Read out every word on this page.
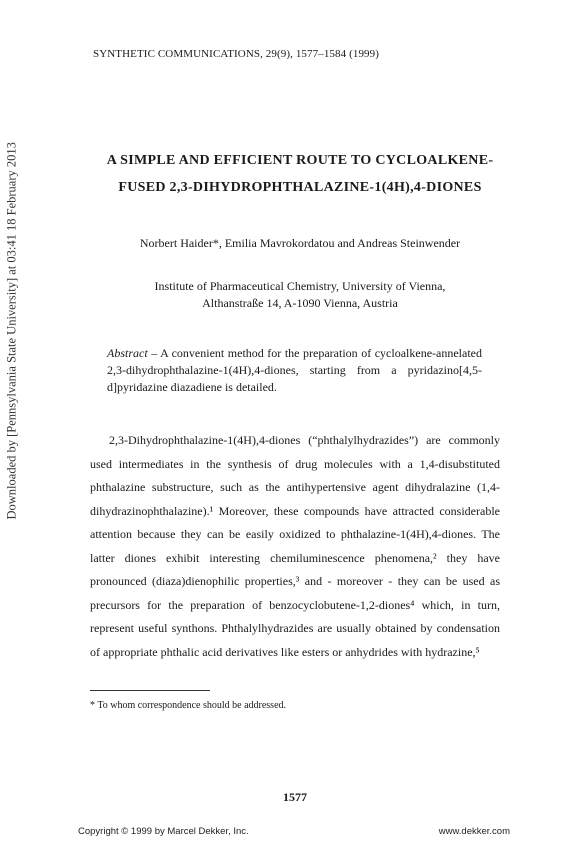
SYNTHETIC COMMUNICATIONS, 29(9), 1577–1584 (1999)
Downloaded by [Pennsylvania State University] at 03:41 18 February 2013	A SIMPLE AND EFFICIENT ROUTE TO CYCLOALKENE-
FUSED 2,3-DIHYDROPHTHALAZINE-1(4H),4-DIONES
Norbert Haider*, Emilia Mavrokordatou and Andreas Steinwender
Institute of Pharmaceutical Chemistry, University of Vienna,
Althanstraße 14, A-1090 Vienna, Austria
Abstract – A convenient method for the preparation of cycloalkene-annelated 2,3-dihydrophthalazine-1(4H),4-diones, starting from a pyridazino[4,5-d]pyridazine diazadiene is detailed.

2,3-Dihydrophthalazine-1(4H),4-diones (“phthalylhydrazides”) are commonly used intermediates in the synthesis of drug molecules with a 1,4-disubstituted phthalazine substructure, such as the antihypertensive agent dihydralazine (1,4-dihydrazinophthalazine).¹ Moreover, these compounds have attracted considerable attention because they can be easily oxidized to phthalazine-1(4H),4-diones. The latter diones exhibit interesting chemiluminescence phenomena,² they have pronounced (diaza)dienophilic properties,³ and - moreover - they can be used as precursors for the preparation of benzocyclobutene-1,2-diones⁴ which, in turn, represent useful synthons. Phthalylhydrazides are usually obtained by condensation of appropriate phthalic acid derivatives like esters or anhydrides with hydrazine,⁵

* To whom correspondence should be addressed.
1577
Copyright © 1999 by Marcel Dekker, Inc.	www.dekker.com
